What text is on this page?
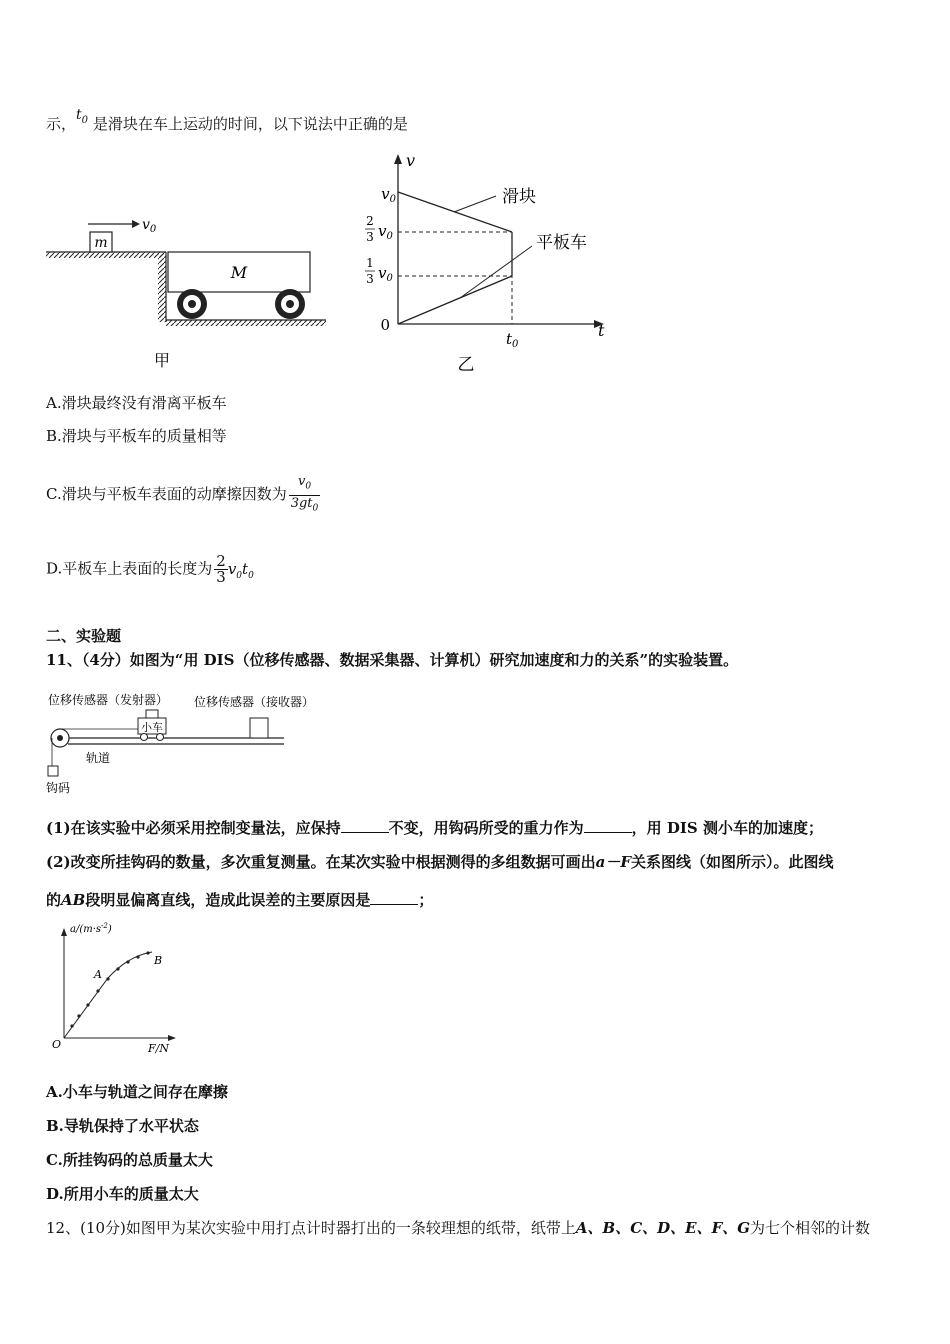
示，$t_0$ 是滑块在车上运动的时间，以下说法中正确的是
m
$v_0$
M
甲
v
t
0
$v_0$
2
3 $v_0$
1
3 $v_0$
滑块
平板车
$t_0$
乙
A.滑块最终没有滑离平板车
B.滑块与平板车的质量相等
C.滑块与平板车表面的动摩擦因数为 $\frac{v_0}{3gt_0}$
D.平板车上表面的长度为 $\frac{2}{3} v_0t_0$
二、实验题
11、（4分）如图为“用 DIS（位移传感器、数据采集器、计算机）研究加速度和力的关系”的实验装置。
位移传感器（发射器） 位移传感器（接收器）
钩码
小车
轨道
(1)在该实验中必须采用控制变量法，应保持	不变，用钩码所受的重力作为	，用 DIS 测小车的加速度；
(2)改变所挂钩码的数量，多次重复测量。在某次实验中根据测得的多组数据可画出a－F关系图线（如图所示）。此图线
的AB段明显偏离直线，造成此误差的主要原因是	；
$a/(m\cdot s^{-2})$
F/N
O
A
B
A.小车与轨道之间存在摩擦
B.导轨保持了水平状态
C.所挂钩码的总质量太大
D.所用小车的质量太大
12、(10分)如图甲为某次实验中用打点计时器打出的一条较理想的纸带，纸带上A、B、C、D、E、F、G为七个相邻的计数
